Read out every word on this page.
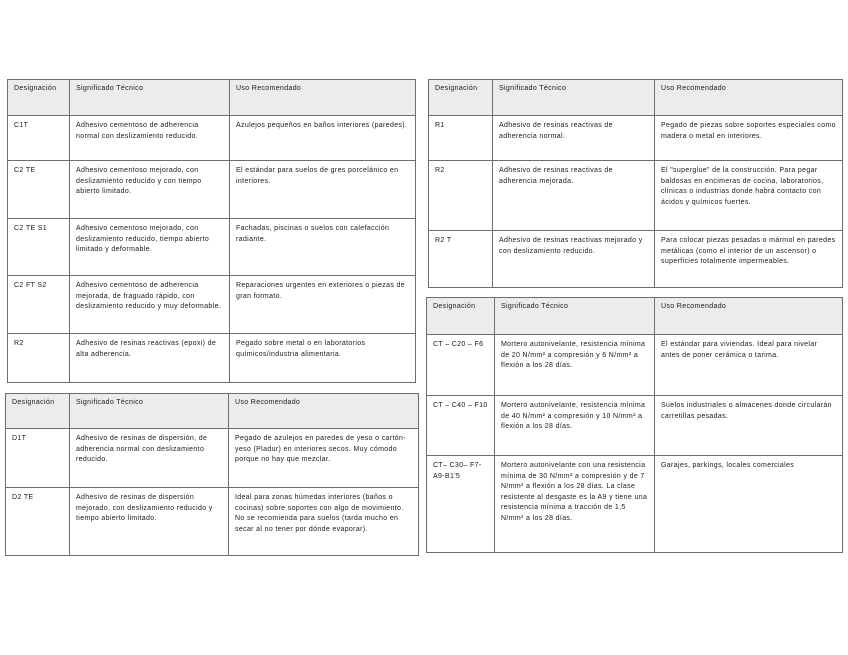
Designación	Significado Técnico	Uso Recomendado
C1T	Adhesivo cementoso de adherencia normal con deslizamiento reducido.	Azulejos pequeños en baños interiores (paredes).
C2 TE	Adhesivo cementoso mejorado, con deslizamiento reducido y con tiempo abierto limitado.	El estándar para suelos de gres porcelánico en interiores.
C2 TE S1	Adhesivo cementoso mejorado, con deslizamiento reducido, tiempo abierto limitado y deformable.	Fachadas, piscinas o suelos con calefacción radiante.
C2 FT S2	Adhesivo cementoso de adherencia mejorada, de fraguado rápido, con deslizamiento reducido y muy deformable.	Reparaciones urgentes en exteriores o piezas de gran formato.
R2	Adhesivo de resinas reactivas (epoxi) de alta adherencia.	Pegado sobre metal o en laboratorios químicos/industria alimentaria.
Designación	Significado Técnico	Uso Recomendado
D1T	Adhesivo de resinas de dispersión, de adherencia normal con deslizamiento reducido.	Pegado de azulejos en paredes de yeso o cartón-yeso (Pladur) en interiores secos. Muy cómodo porque no hay que mezclar.
D2 TE	Adhesivo de resinas de dispersión mejorado, con deslizamiento reducido y tiempo abierto limitado.	Ideal para zonas húmedas interiores (baños o cocinas) sobre soportes con algo de movimiento. No se recomienda para suelos (tarda mucho en secar al no tener por dónde evaporar).
Designación	Significado Técnico	Uso Recomendado
R1	Adhesivo de resinas reactivas de adherencia normal.	Pegado de piezas sobre soportes especiales como madera o metal en interiores.
R2	Adhesivo de resinas reactivas de adherencia mejorada.	El "superglue" de la construcción. Para pegar baldosas en encimeras de cocina, laboratorios, clínicas o industrias donde habrá contacto con ácidos y químicos fuertes.
R2 T	Adhesivo de resinas reactivas mejorado y con deslizamiento reducido.	Para colocar piezas pesadas o mármol en paredes metálicas (como el interior de un ascensor) o superficies totalmente impermeables.
Designación	Significado Técnico	Uso Recomendado
CT – C20 – F6	Mortero autonivelante, resistencia mínima de 20 N/mm² a compresión y 6 N/mm² a flexión a los 28 días.	El estándar para viviendas. Ideal para nivelar antes de poner cerámica o tarima.
CT – C40 – F10	Mortero autonivelante, resistencia mínima de 40 N/mm² a compresión y 10 N/mm² a flexión a los 28 días.	Suelos industriales o almacenes donde circularán carretillas pesadas.
CT– C30– F7-A9-B1'5	Mortero autonivelante con una resistencia mínima de 30 N/mm² a compresión y de 7 N/mm² a flexión a los 28 días. La clase resistente al desgaste es la A9 y tiene una resistencia mínima a tracción de 1,5 N/mm² a los 28 días.	Garajes, parkings, locales comerciales
